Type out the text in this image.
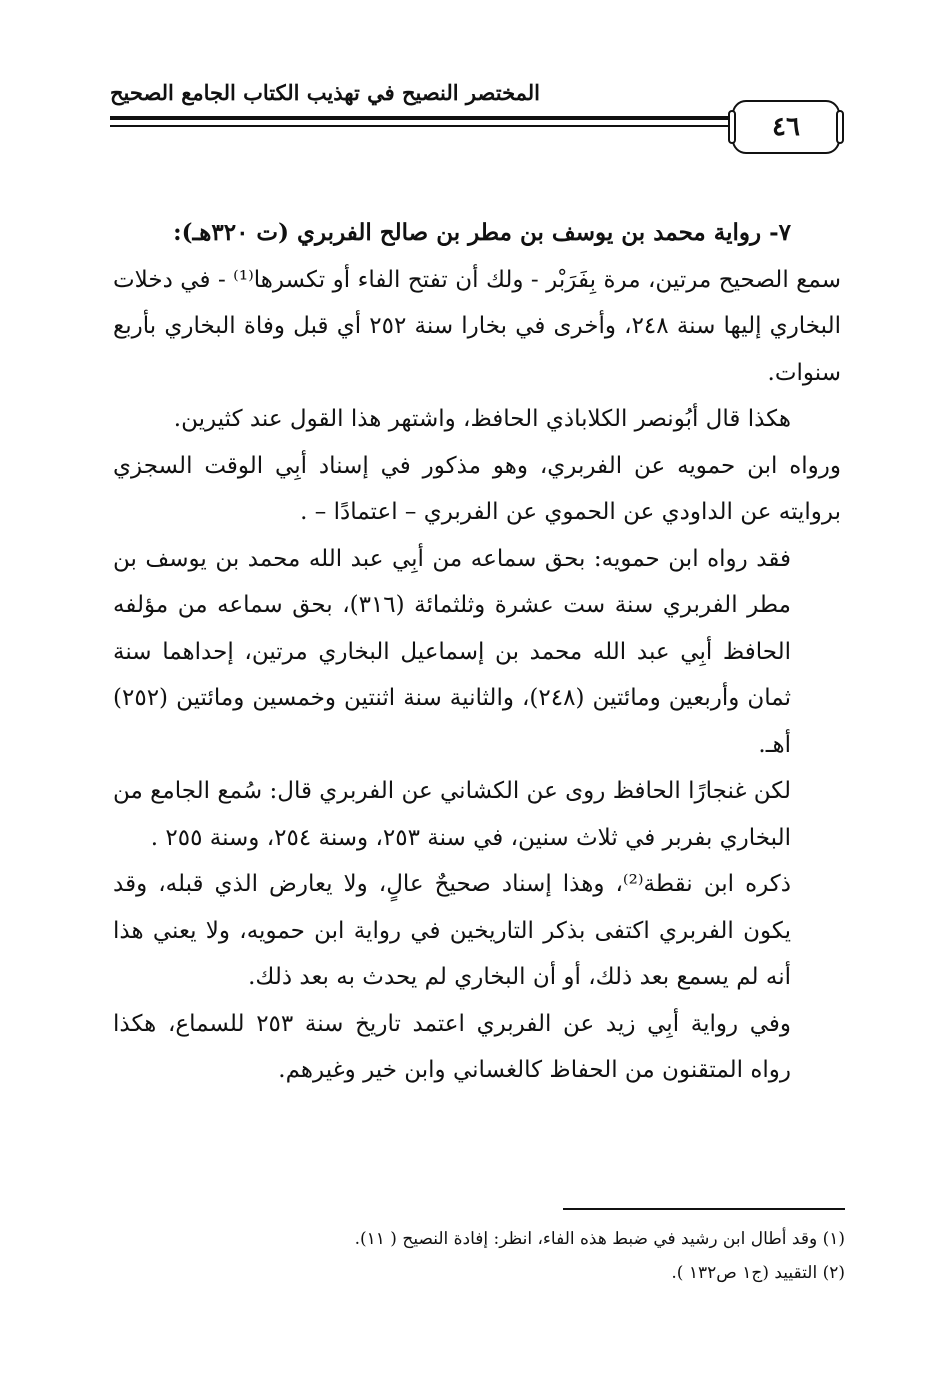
المختصر النصيح في تهذيب الكتاب الجامع الصحيح
٤٦

٧- رواية محمد بن يوسف بن مطر بن صالح الفربري (ت ٣٢٠هـ):

سمع الصحيح مرتين، مرة بِفَرَبْر - ولك أن تفتح الفاء أو تكسرها⁽¹⁾ - في دخلات البخاري إليها سنة ٢٤٨، وأخرى في بخارا سنة ٢٥٢ أي قبل وفاة البخاري بأربع سنوات.

هكذا قال أبُونصر الكلاباذي الحافظ، واشتهر هذا القول عند كثيرين.

ورواه ابن حمويه عن الفربري، وهو مذكور في إسناد أبِي الوقت السجزي بروايته عن الداودي عن الحموي عن الفربري – اعتمادًا – .

فقد رواه ابن حمويه: بحق سماعه من أبِي عبد الله محمد بن يوسف بن مطر الفربري سنة ست عشرة وثلثمائة (٣١٦)، بحق سماعه من مؤلفه الحافظ أبِي عبد الله محمد بن إسماعيل البخاري مرتين، إحداهما سنة ثمان وأربعين ومائتين (٢٤٨)، والثانية سنة اثنتين وخمسين ومائتين (٢٥٢) أهـ.

لكن غنجارًا الحافظ روى عن الكشاني عن الفربري قال: سُمع الجامع من البخاري بفربر في ثلاث سنين، في سنة ٢٥٣، وسنة ٢٥٤، وسنة ٢٥٥ .

ذكره ابن نقطة⁽²⁾، وهذا إسناد صحيحٌ عالٍ، ولا يعارض الذي قبله، وقد يكون الفربري اكتفى بذكر التاريخين في رواية ابن حمويه، ولا يعني هذا أنه لم يسمع بعد ذلك، أو أن البخاري لم يحدث به بعد ذلك.

وفي رواية أبِي زيد عن الفربري اعتمد تاريخ سنة ٢٥٣ للسماع، هكذا رواه المتقنون من الحفاظ كالغساني وابن خير وغيرهم.

(١) وقد أطال ابن رشيد في ضبط هذه الفاء، انظر: إفادة النصيح ( ١١).

(٢) التقييد (ج١ ص١٣٢ ).
